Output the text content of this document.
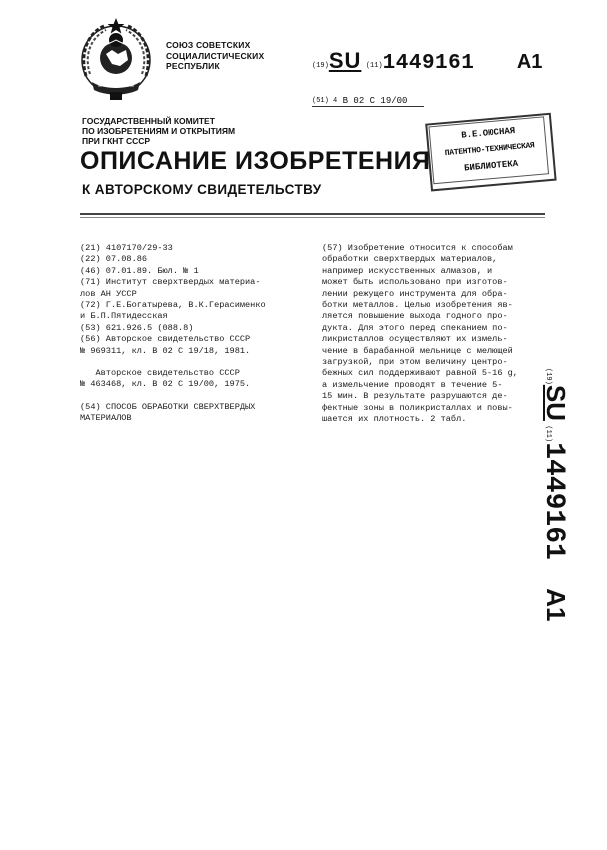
СОЮЗ СОВЕТСКИХ
СОЦИАЛИСТИЧЕСКИХ
РЕСПУБЛИК	(19)SU (11)1449161 A1
(51) 4 В 02 С 19/00
ГОСУДАРСТВЕННЫЙ КОМИТЕТ
ПО ИЗОБРЕТЕНИЯМ И ОТКРЫТИЯМ
ПРИ ГКНТ СССР
В.Е.ОЮСНАЯ
ПАТЕНТНО-ТЕХНИЧЕСКАЯ
БИБЛИОТЕКА
ОПИСАНИЕ ИЗОБРЕТЕНИЯ
К АВТОРСКОМУ СВИДЕТЕЛЬСТВУ
(21) 4107170/29-33
(22) 07.08.86
(46) 07.01.89. Бюл. № 1
(71) Институт сверхтвердых материа-
лов АН УССР
(72) Г.Е.Богатырева, В.К.Герасименко
и Б.П.Пятидесская
(53) 621.926.5 (088.8)
(56) Авторское свидетельство СССР
№ 969311, кл. В 02 С 19/18, 1981.
Авторское свидетельство СССР
№ 463468, кл. В 02 С 19/00, 1975.
(54) СПОСОБ ОБРАБОТКИ СВЕРХТВЕРДЫХ
МАТЕРИАЛОВ
(57) Изобретение относится к способам
обработки сверхтвердых материалов,
например искусственных алмазов, и
может быть использовано при изготов-
лении режущего инструмента для обра-
ботки металлов. Целью изобретения яв-
ляется повышение выхода годного про-
дукта. Для этого перед спеканием по-
ликристаллов осуществляют их измель-
чение в барабанной мельнице с мелющей
загрузкой, при этом величину центро-
бежных сил поддерживают равной 5-16 g,
а измельчение проводят в течение 5-
15 мин. В результате разрушаются де-
фектные зоны в поликристаллах и повы-
шается их плотность. 2 табл.
(19)SU (11)1449161 A1
